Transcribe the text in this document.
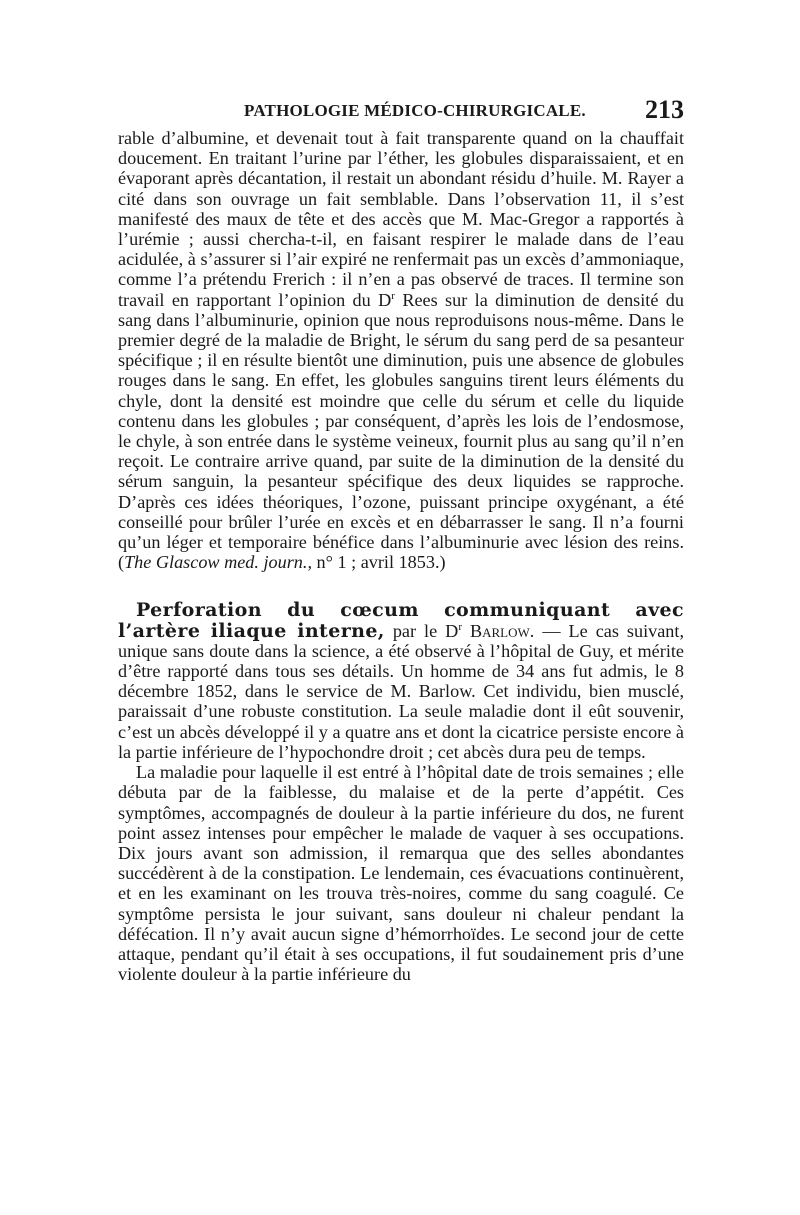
PATHOLOGIE MÉDICO-CHIRURGICALE. 213

rable d’albumine, et devenait tout à fait transparente quand on la chauffait doucement. En traitant l’urine par l’éther, les globules disparaissaient, et en évaporant après décantation, il restait un abondant résidu d’huile. M. Rayer a cité dans son ouvrage un fait semblable. Dans l’observation 11, il s’est manifesté des maux de tête et des accès que M. Mac-Gregor a rapportés à l’urémie ; aussi chercha-t-il, en faisant respirer le malade dans de l’eau acidulée, à s’assurer si l’air expiré ne renfermait pas un excès d’ammoniaque, comme l’a prétendu Frerich : il n’en a pas observé de traces. Il termine son travail en rapportant l’opinion du $D^r$ Rees sur la diminution de densité du sang dans l’albuminurie, opinion que nous reproduisons nous-même. Dans le premier degré de la maladie de Bright, le sérum du sang perd de sa pesanteur spécifique ; il en résulte bientôt une diminution, puis une absence de globules rouges dans le sang. En effet, les globules sanguins tirent leurs éléments du chyle, dont la densité est moindre que celle du sérum et celle du liquide contenu dans les globules ; par conséquent, d’après les lois de l’endosmose, le chyle, à son entrée dans le système veineux, fournit plus au sang qu’il n’en reçoit. Le contraire arrive quand, par suite de la diminution de la densité du sérum sanguin, la pesanteur spécifique des deux liquides se rapproche. D’après ces idées théoriques, l’ozone, puissant principe oxygénant, a été conseillé pour brûler l’urée en excès et en débarrasser le sang. Il n’a fourni qu’un léger et temporaire bénéfice dans l’albuminurie avec lésion des reins. (The Glascow med. journ., n° 1 ; avril 1853.)

Perforation du cœcum communiquant avec l’artère iliaque interne, par le $D^r$ Barlow. — Le cas suivant, unique sans doute dans la science, a été observé à l’hôpital de Guy, et mérite d’être rapporté dans tous ses détails. Un homme de 34 ans fut admis, le 8 décembre 1852, dans le service de M. Barlow. Cet individu, bien musclé, paraissait d’une robuste constitution. La seule maladie dont il eût souvenir, c’est un abcès développé il y a quatre ans et dont la cicatrice persiste encore à la partie inférieure de l’hypochondre droit ; cet abcès dura peu de temps.

La maladie pour laquelle il est entré à l’hôpital date de trois semaines ; elle débuta par de la faiblesse, du malaise et de la perte d’appétit. Ces symptômes, accompagnés de douleur à la partie inférieure du dos, ne furent point assez intenses pour empêcher le malade de vaquer à ses occupations. Dix jours avant son admission, il remarqua que des selles abondantes succédèrent à de la constipation. Le lendemain, ces évacuations continuèrent, et en les examinant on les trouva très-noires, comme du sang coagulé. Ce symptôme persista le jour suivant, sans douleur ni chaleur pendant la défécation. Il n’y avait aucun signe d’hémorrhoïdes. Le second jour de cette attaque, pendant qu’il était à ses occupations, il fut soudainement pris d’une violente douleur à la partie inférieure du
